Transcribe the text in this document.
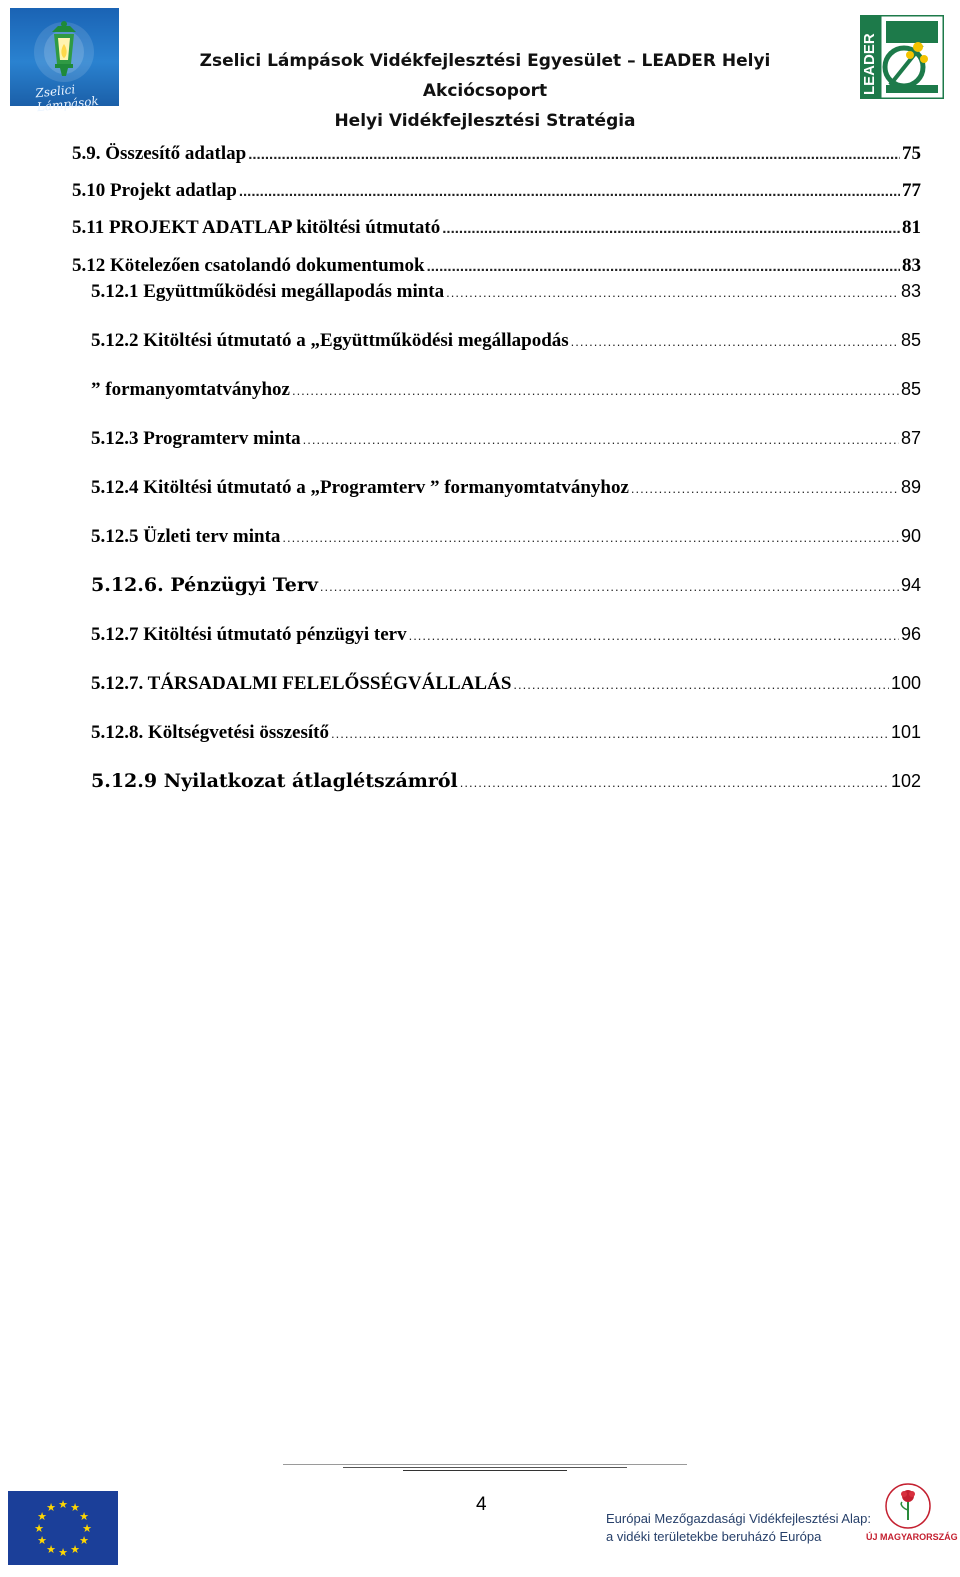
Zselici Lámpások
Zselici Lámpások Vidékfejlesztési Egyesület – LEADER Helyi Akciócsoport
Helyi Vidékfejlesztési Stratégia
LEADER
5.9. Összesítő adatlap .....	75
5.10 Projekt adatlap .....	77
5.11 PROJEKT ADATLAP kitöltési útmutató .....	81
5.12 Kötelezően csatolandó dokumentumok .....	83
5.12.1 Együttműködési megállapodás minta .....	83
5.12.2 Kitöltési útmutató a „Együttműködési megállapodás .....	85
” formanyomtatványhoz .....	85
5.12.3 Programterv minta .....	87
5.12.4 Kitöltési útmutató a „Programterv ” formanyomtatványhoz .....	89
5.12.5 Üzleti terv minta .....	90
5.12.6. Pénzügyi Terv .....	94
5.12.7 Kitöltési útmutató pénzügyi terv .....	96
5.12.7. TÁRSADALMI FELELŐSSÉGVÁLLALÁS .....	100
5.12.8. Költségvetési összesítő .....	101
5.12.9 Nyilatkozat átlaglétszámról .....	102
4
★ ★
★
★
★
★
★
★
★
★
★
★
Európai Mezőgazdasági Vidékfejlesztési Alap:
a vidéki területekbe beruházó Európa	ÚJ MAGYARORSZÁG
